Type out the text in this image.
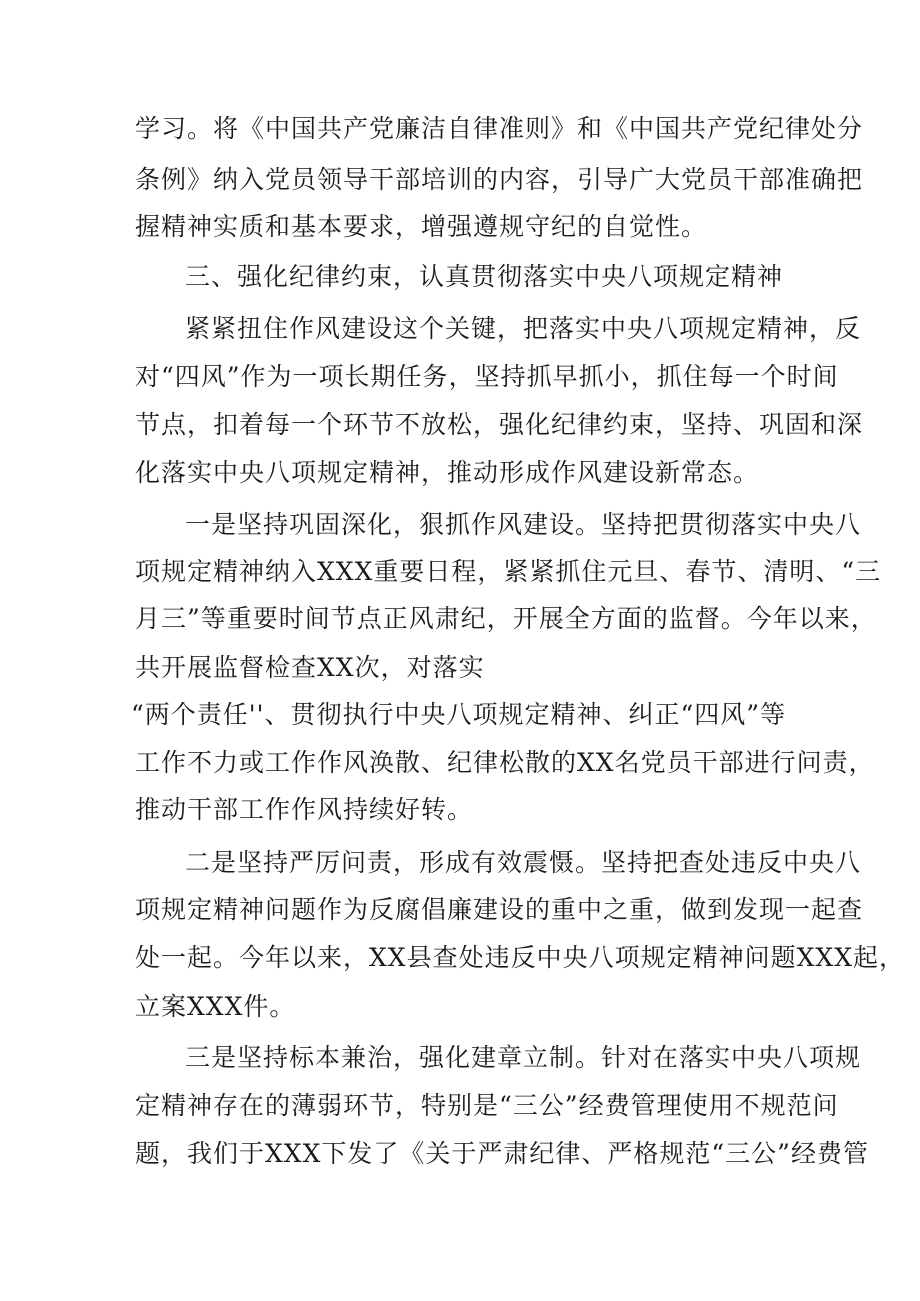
学习。将《中国共产党廉洁自律准则》和《中国共产党纪律处分
条例》纳入党员领导干部培训的内容，引导广大党员干部准确把
握精神实质和基本要求，增强遵规守纪的自觉性。
三、强化纪律约束，认真贯彻落实中央八项规定精神
紧紧扭住作风建设这个关键，把落实中央八项规定精神，反
对“四风”作为一项长期任务，坚持抓早抓小，抓住每一个时间
节点，扣着每一个环节不放松，强化纪律约束，坚持、巩固和深
化落实中央八项规定精神，推动形成作风建设新常态。
一是坚持巩固深化，狠抓作风建设。坚持把贯彻落实中央八
项规定精神纳入XXX重要日程，紧紧抓住元旦、春节、清明、“三
月三”等重要时间节点正风肃纪，开展全方面的监督。今年以来，
共开展监督检查XX次，对落实
“两个责任''、贯彻执行中央八项规定精神、纠正“四风”等
工作不力或工作作风涣散、纪律松散的XX名党员干部进行问责，
推动干部工作作风持续好转。
二是坚持严厉问责，形成有效震慑。坚持把查处违反中央八
项规定精神问题作为反腐倡廉建设的重中之重，做到发现一起查
处一起。今年以来，XX县查处违反中央八项规定精神问题XXX起，
立案XXX件。
三是坚持标本兼治，强化建章立制。针对在落实中央八项规
定精神存在的薄弱环节，特别是“三公”经费管理使用不规范问
题，我们于XXX下发了《关于严肃纪律、严格规范“三公”经费管
